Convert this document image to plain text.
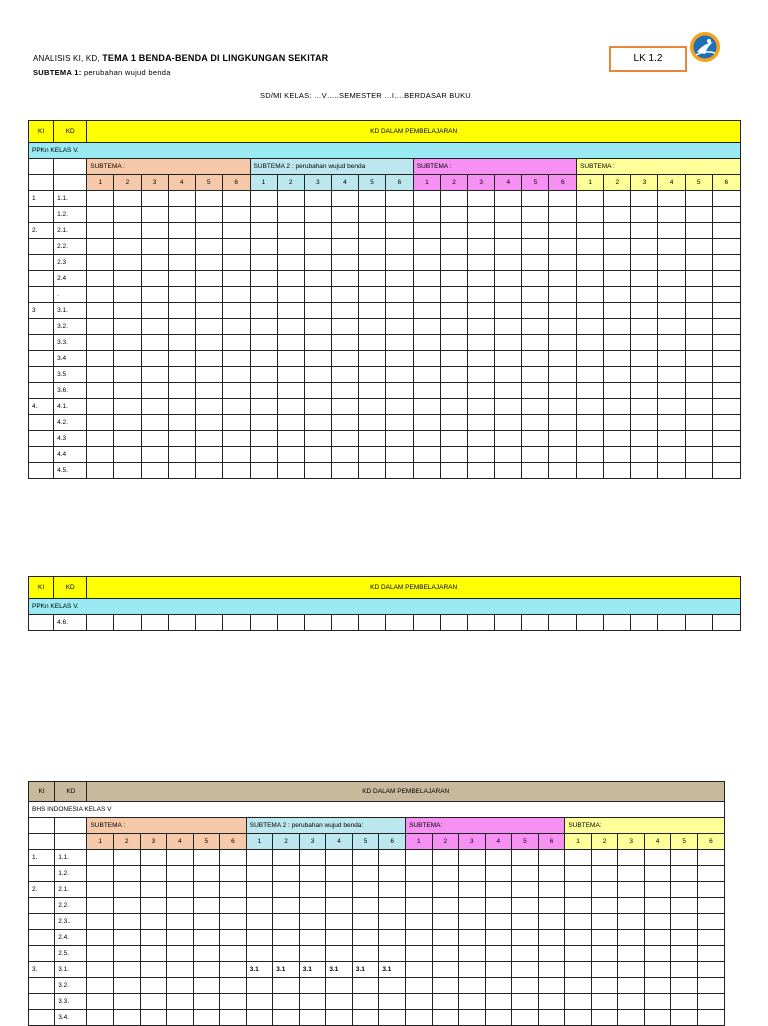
ANALISIS KI, KD, TEMA 1 BENDA-BENDA DI LINGKUNGAN SEKITAR
SUBTEMA 1: perubahan wujud benda
SD/MI KELAS: …V…..SEMESTER …I….BERDASAR BUKU
LK 1.2
KI	KD	KD DALAM PEMBELAJARAN																							
PPKn KELAS V.																									
		SUBTEMA :						SUBTEMA 2 : perubahan wujud benda						SUBTEMA :						SUBTEMA :					
		1	2	3	4	5	6	1	2	3	4	5	6	1	2	3	4	5	6	1	2	3	4	5	6
1	1.1.																								
	1.2.																								
2.	2.1.																								
	2.2.																								
	2.3																								
	2.4																								
	.																								
3	3.1.																								
	3.2.																								
	3.3.																								
	3.4																								
	3.5																								
	3.6.																								
4.	4.1.																								
	4.2.																								
	4.3																								
	4.4																								
	4.5.																								
KI	KD	KD DALAM PEMBELAJARAN																							
PPKn KELAS V.																									
	4.6.																								
KI	KD	KD DALAM PEMBELAJARAN																							
BHS INDONESIA KELAS V																									
		SUBTEMA :						SUBTEMA 2 : perubahan wujud benda:						SUBTEMA:						SUBTEMA:					
		1	2	3	4	5	6	1	2	3	4	5	6	1	2	3	4	5	6	1	2	3	4	5	6
1.	1.1.																								
	1.2.																								
2.	2.1.																								
	2.2.																								
	2.3..																								
	2.4.																								
	2.5.																								
3.	3.1.							3.1	3.1	3.1	3.1	3.1	3.1												
	3.2.																								
	3.3.																								
	3.4.																								
